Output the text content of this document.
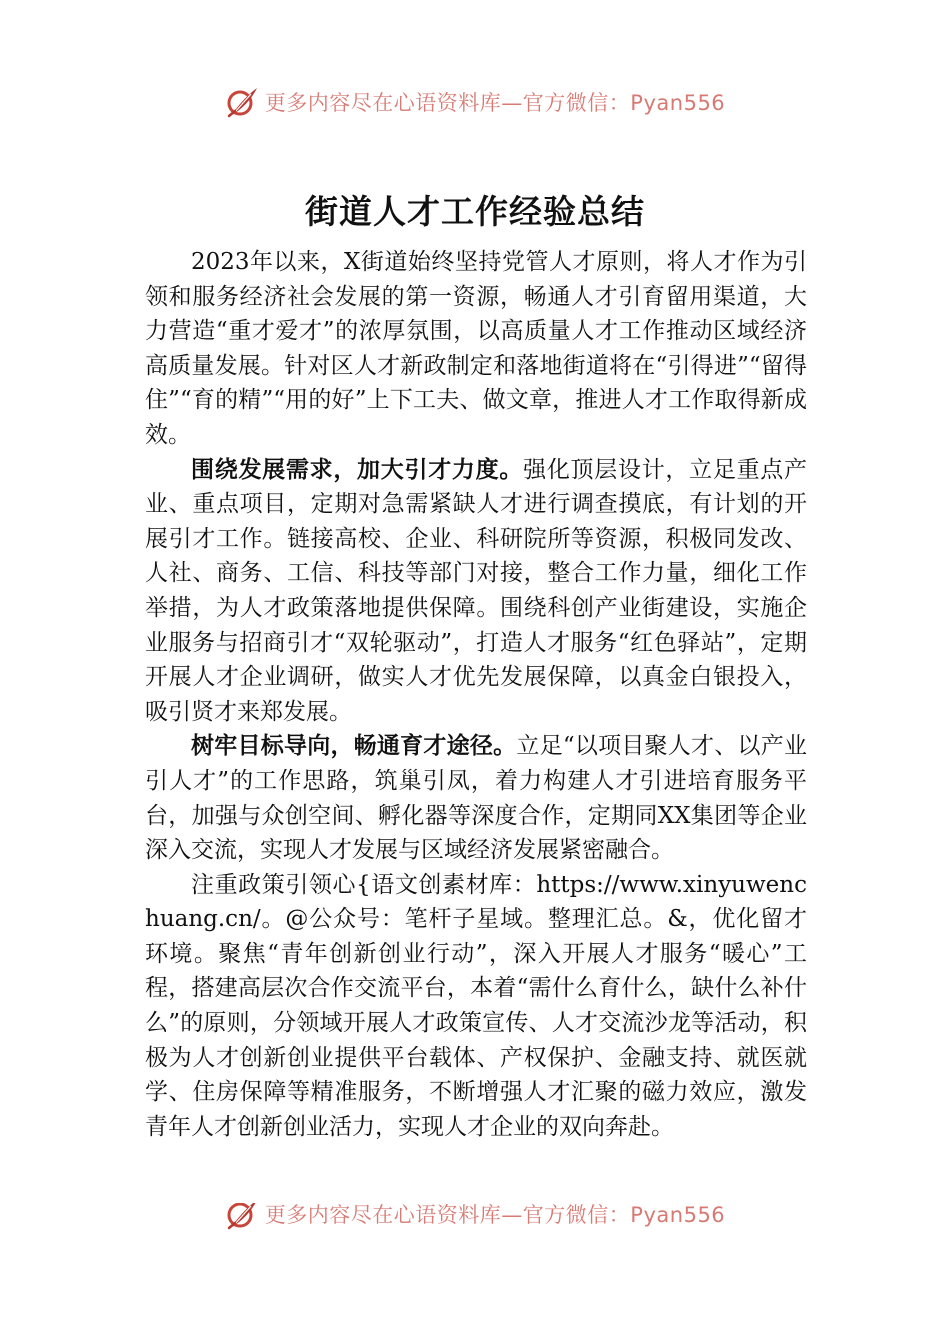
更多内容尽在心语资料库—官方微信：Pyan556
街道人才工作经验总结

2023年以来，X街道始终坚持党管人才原则，将人才作为引领和服务经济社会发展的第一资源，畅通人才引育留用渠道，大力营造“重才爱才”的浓厚氛围，以高质量人才工作推动区域经济高质量发展。针对区人才新政制定和落地街道将在“引得进”“留得住”“育的精”“用的好”上下工夫、做文章，推进人才工作取得新成效。

围绕发展需求，加大引才力度。强化顶层设计，立足重点产业、重点项目，定期对急需紧缺人才进行调查摸底，有计划的开展引才工作。链接高校、企业、科研院所等资源，积极同发改、人社、商务、工信、科技等部门对接，整合工作力量，细化工作举措，为人才政策落地提供保障。围绕科创产业街建设，实施企业服务与招商引才“双轮驱动”，打造人才服务“红色驿站”，定期开展人才企业调研，做实人才优先发展保障，以真金白银投入，吸引贤才来郑发展。

树牢目标导向，畅通育才途径。立足“以项目聚人才、以产业引人才”的工作思路，筑巢引凤，着力构建人才引进培育服务平台，加强与众创空间、孵化器等深度合作，定期同XX集团等企业深入交流，实现人才发展与区域经济发展紧密融合。

注重政策引领心{语文创素材库：https://www.xinyuwenchuang.cn/。@公众号：笔杆子星域。整理汇总。&，优化留才环境。聚焦“青年创新创业行动”，深入开展人才服务“暖心”工程，搭建高层次合作交流平台，本着“需什么育什么，缺什么补什么”的原则，分领域开展人才政策宣传、人才交流沙龙等活动，积极为人才创新创业提供平台载体、产权保护、金融支持、就医就学、住房保障等精准服务，不断增强人才汇聚的磁力效应，激发青年人才创新创业活力，实现人才企业的双向奔赴。

更多内容尽在心语资料库—官方微信：Pyan556
